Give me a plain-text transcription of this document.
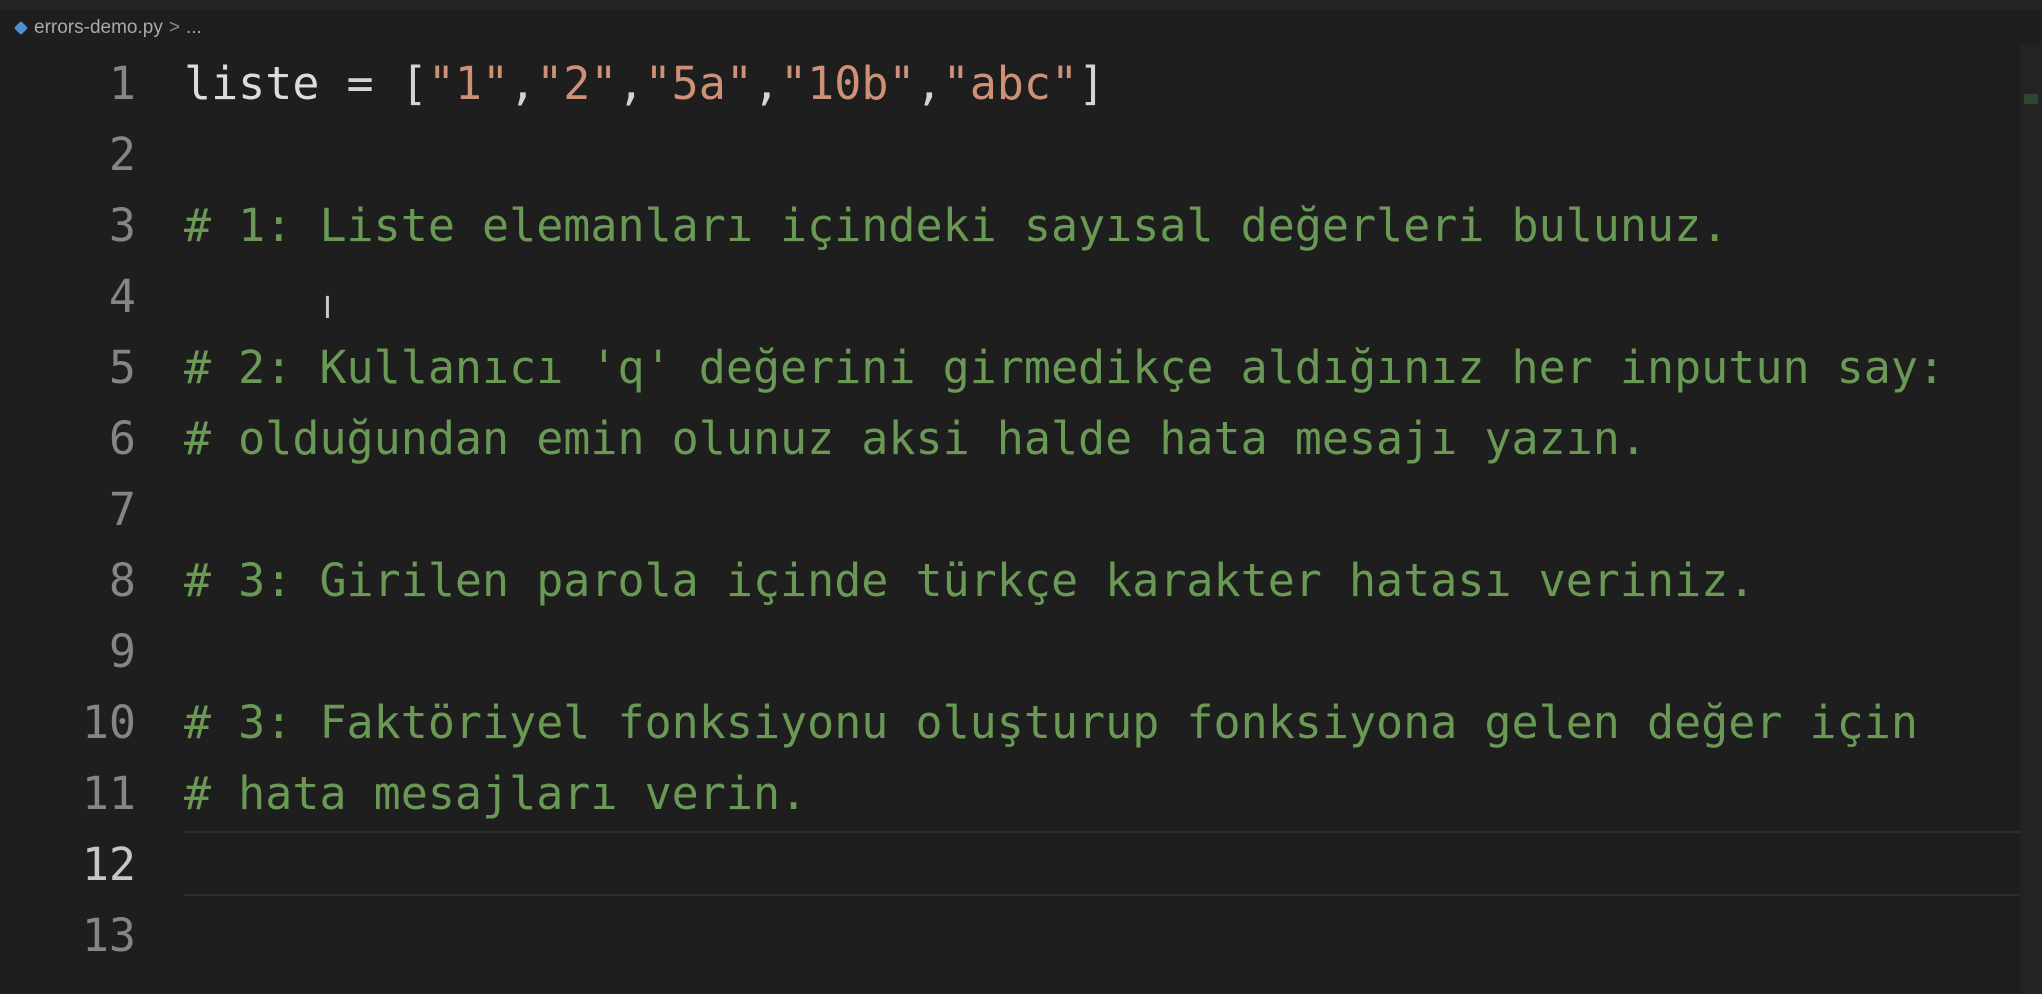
errors-demo.py > ...
1 liste = ["1","2","5a","10b","abc"]
2
3 # 1: Liste elemanları içindeki sayısal değerleri bulunuz.
4
5 # 2: Kullanıcı 'q' değerini girmedikçe aldığınız her inputun say:
6 # olduğundan emin olunuz aksi halde hata mesajı yazın.
7
8 # 3: Girilen parola içinde türkçe karakter hatası veriniz.
9
10 # 3: Faktöriyel fonksiyonu oluşturup fonksiyona gelen değer için
11 # hata mesajları verin.
12
13
I
